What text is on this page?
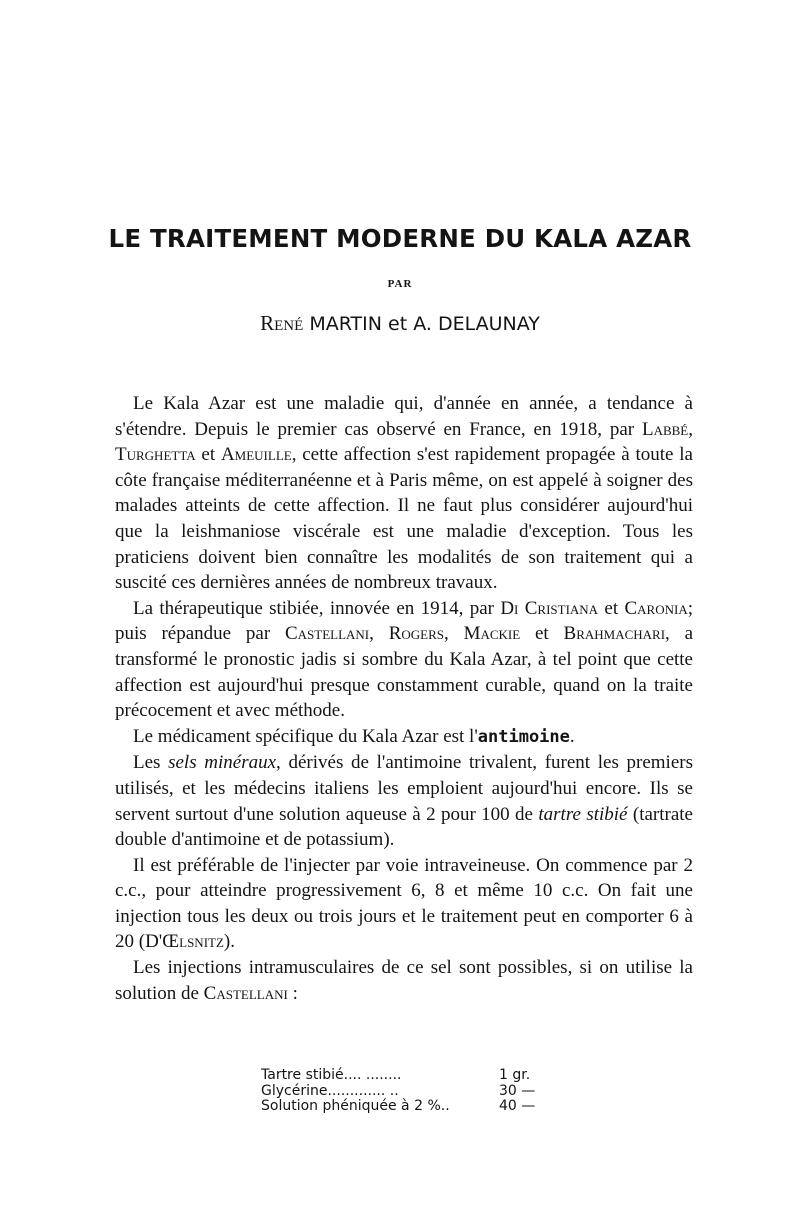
LE TRAITEMENT MODERNE DU KALA AZAR
PAR
René MARTIN et A. DELAUNAY

Le Kala Azar est une maladie qui, d'année en année, a tendance à s'étendre. Depuis le premier cas observé en France, en 1918, par Labbé, Turghetta et Ameuille, cette affection s'est rapidement propagée à toute la côte française méditerranéenne et à Paris même, on est appelé à soigner des malades atteints de cette affection. Il ne faut plus considérer aujourd'hui que la leishmaniose viscérale est une maladie d'exception. Tous les praticiens doivent bien connaître les modalités de son traitement qui a suscité ces dernières années de nombreux travaux.

La thérapeutique stibiée, innovée en 1914, par Di Cristiana et Caronia; puis répandue par Castellani, Rogers, Mackie et Brahmachari, a transformé le pronostic jadis si sombre du Kala Azar, à tel point que cette affection est aujourd'hui presque constamment curable, quand on la traite précocement et avec méthode.

Le médicament spécifique du Kala Azar est l'antimoine.

Les sels minéraux, dérivés de l'antimoine trivalent, furent les premiers utilisés, et les médecins italiens les emploient aujourd'hui encore. Ils se servent surtout d'une solution aqueuse à 2 pour 100 de tartre stibié (tartrate double d'antimoine et de potassium).

Il est préférable de l'injecter par voie intraveineuse. On commence par 2 c.c., pour atteindre progressivement 6, 8 et même 10 c.c. On fait une injection tous les deux ou trois jours et le traitement peut en comporter 6 à 20 (D'Œlsnitz).

Les injections intramusculaires de ce sel sont possibles, si on utilise la solution de Castellani :

Tartre stibié.... ........	1 gr.
Glycérine............. ..	30 —
Solution phéniquée à 2 %..	40 —
